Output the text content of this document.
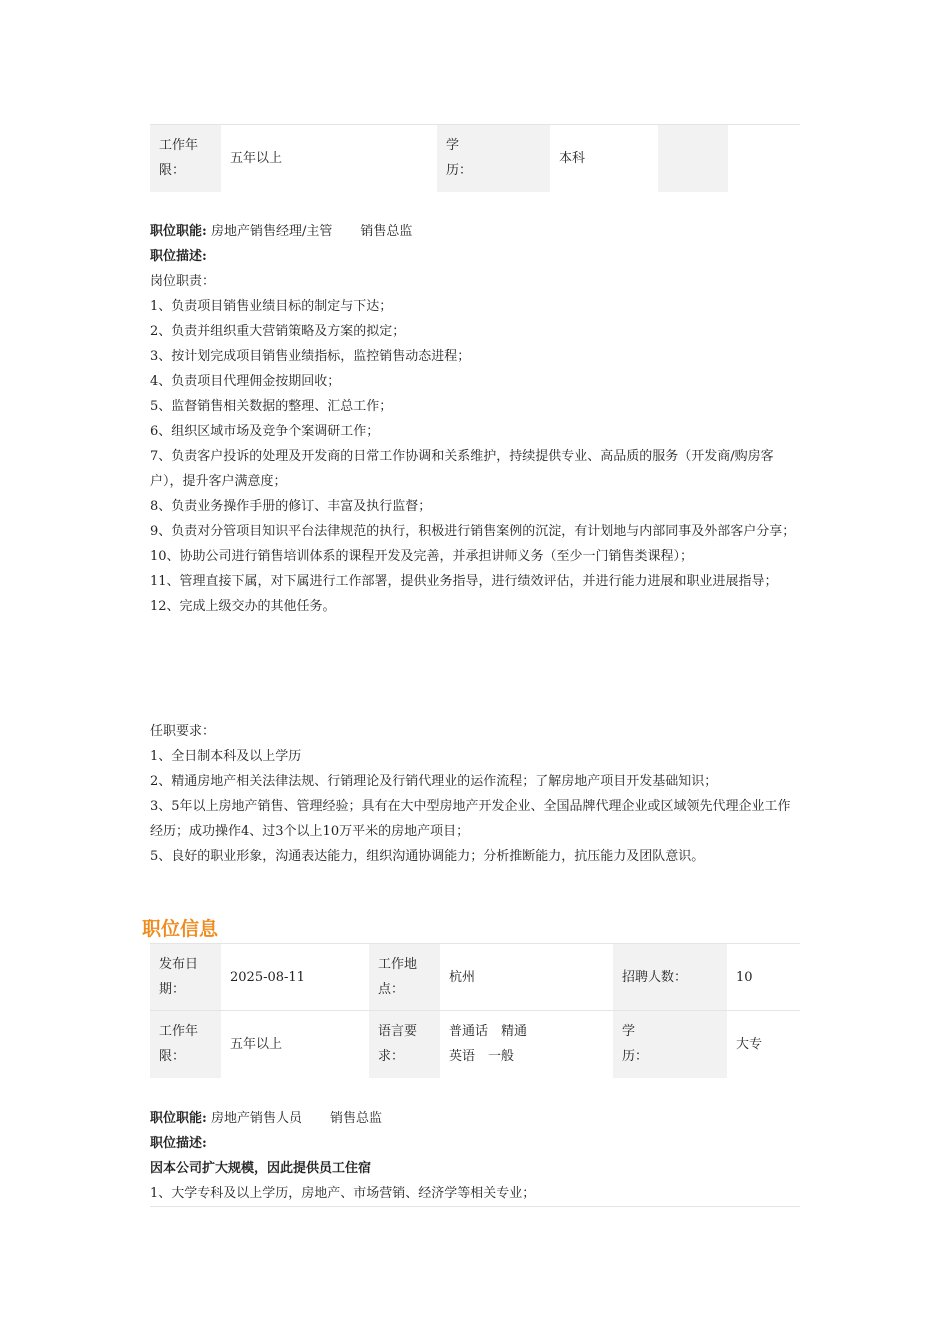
工作年限：
	五年以上	
学历：
	本科		

职位职能: 房地产销售经理/主管 销售总监

职位描述:

岗位职责：

1、负责项目销售业绩目标的制定与下达；

2、负责并组织重大营销策略及方案的拟定；

3、按计划完成项目销售业绩指标，监控销售动态进程；

4、负责项目代理佣金按期回收；

5、监督销售相关数据的整理、汇总工作；

6、组织区域市场及竞争个案调研工作；

7、负责客户投诉的处理及开发商的日常工作协调和关系维护，持续提供专业、高品质的服务（开发商/购房客户），提升客户满意度；

8、负责业务操作手册的修订、丰富及执行监督；

9、负责对分管项目知识平台法律规范的执行，积极进行销售案例的沉淀，有计划地与内部同事及外部客户分享；

10、协助公司进行销售培训体系的课程开发及完善，并承担讲师义务（至少一门销售类课程）；

11、管理直接下属，对下属进行工作部署，提供业务指导，进行绩效评估，并进行能力进展和职业进展指导；

12、完成上级交办的其他任务。

任职要求：

1、全日制本科及以上学历

2、精通房地产相关法律法规、行销理论及行销代理业的运作流程；了解房地产项目开发基础知识；

3、5年以上房地产销售、管理经验；具有在大中型房地产开发企业、全国品牌代理企业或区域领先代理企业工作经历；成功操作4、过3个以上10万平米的房地产项目；

5、良好的职业形象，沟通表达能力，组织沟通协调能力；分析推断能力，抗压能力及团队意识。

发布日期：	2025-08-11	工作地点：	杭州	招聘人数：	10

工作年限：	五年以上	语言要求：	普通话　精通
英语　一般	学历：	大专

职位职能: 房地产销售人员 销售总监

职位描述:

因本公司扩大规模，因此提供员工住宿

1、大学专科及以上学历，房地产、市场营销、经济学等相关专业；

职位信息
